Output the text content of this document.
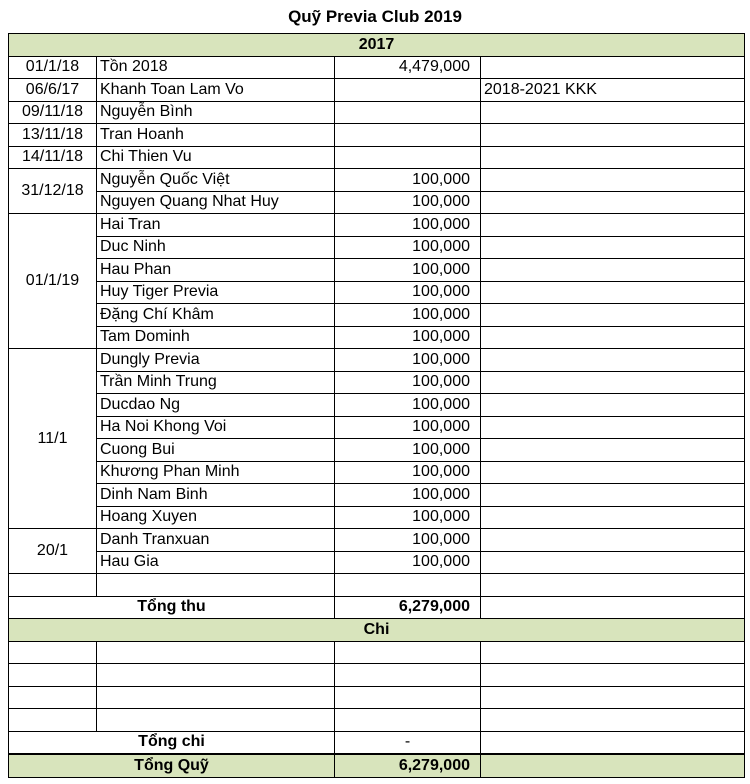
Quỹ Previa Club 2019
2017			
01/1/18	Tồn 2018	4,479,000	
06/6/17	Khanh Toan Lam Vo		2018-2021 KKK
09/11/18	Nguyễn Bình		
13/11/18	Tran Hoanh		
14/11/18	Chi Thien Vu		
31/12/18	Nguyễn Quốc Việt	100,000	
	Nguyen Quang Nhat Huy	100,000	
01/1/19	Hai Tran	100,000	
	Duc Ninh	100,000	
	Hau Phan	100,000	
	Huy Tiger Previa	100,000	
	Đặng Chí Khâm	100,000	
	Tam Dominh	100,000	
11/1	Dungly Previa	100,000	
	Trần Minh Trung	100,000	
	Ducdao Ng	100,000	
	Ha Noi Khong Voi	100,000	
	Cuong Bui	100,000	
	Khương Phan Minh	100,000	
	Dinh Nam Binh	100,000	
	Hoang Xuyen	100,000	
20/1	Danh Tranxuan	100,000	
	Hau Gia	100,000	

Tổng thu		6,279,000	
Chi			

Tổng chi		-	
Tổng Quỹ		6,279,000	
